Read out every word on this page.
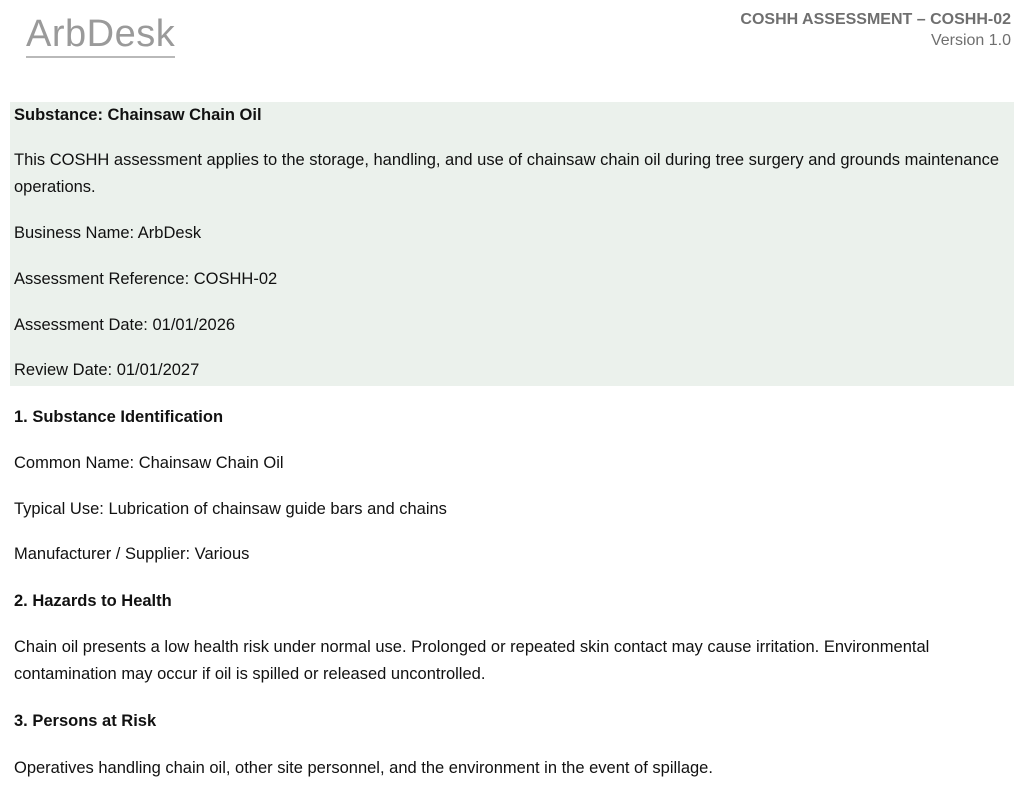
ArbDesk	COSHH ASSESSMENT – COSHH-02
Version 1.0
Substance: Chainsaw Chain Oil
This COSHH assessment applies to the storage, handling, and use of chainsaw chain oil during tree surgery and grounds maintenance operations.
Business Name: ArbDesk
Assessment Reference: COSHH-02
Assessment Date: 01/01/2026
Review Date: 01/01/2027
1. Substance Identification
Common Name: Chainsaw Chain Oil
Typical Use: Lubrication of chainsaw guide bars and chains
Manufacturer / Supplier: Various
2. Hazards to Health
Chain oil presents a low health risk under normal use. Prolonged or repeated skin contact may cause irritation. Environmental contamination may occur if oil is spilled or released uncontrolled.
3. Persons at Risk
Operatives handling chain oil, other site personnel, and the environment in the event of spillage.
